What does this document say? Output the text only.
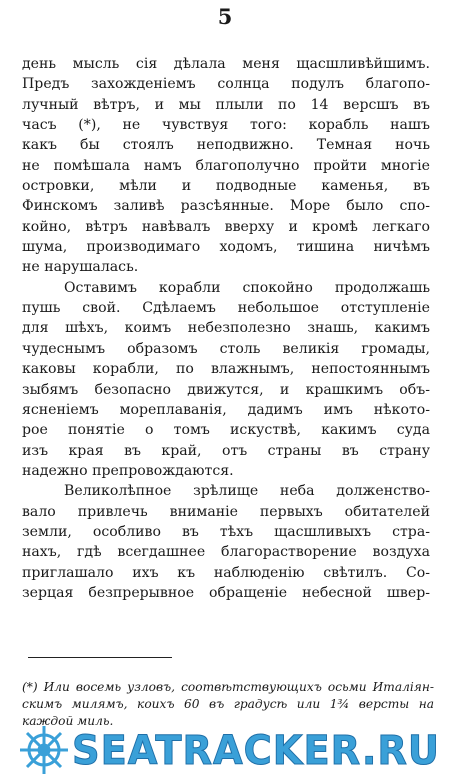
5
день мысль сія дѣлала меня щасшливѣйшимъ.
Предъ захожденіемъ солнца подулъ благопо-
лучный вѣтръ, и мы плыли по 14 версшъ въ
часъ (*), не чувствуя того: корабль нашъ
какъ бы стоялъ неподвижно. Темная ночь
не помѣшала намъ благополучно пройти многіе
островки, мѣли и подводные каменья, въ
Финскомъ заливѣ разсѣянные. Море было спо-
койно, вѣтръ навѣвалъ вверху и кромѣ легкаго
шума, производимаго ходомъ, тишина ничѣмъ
не нарушалась.
Оставимъ корабли спокойно продолжашь
пушь свой. Сдѣлаемъ небольшое отступленіе
для шѣхъ, коимъ небезполезно знашь, какимъ
чудеснымъ образомъ столь великія громады,
каковы корабли, по влажнымъ, непостояннымъ
зыбямъ безопасно движутся, и крашкимъ объ-
ясненіемъ мореплаванія, дадимъ имъ нѣкото-
рое понятіе о томъ искуствѣ, какимъ суда
изъ края въ край, отъ страны въ страну
надежно препровождаются.
Великолѣпное зрѣлище неба долженство-
вало привлечь вниманіе первыхъ обитателей
земли, особливо въ тѣхъ щасшливыхъ стра-
нахъ, гдѣ всегдашнее благорастворение воздуха
приглашало ихъ къ наблюденію свѣтилъ. Со-
зерцая безпрерывное обращеніе небесной швер-
(*) Или восемь узловъ, сооmвѣтствующихъ осьми Италіян-
скимъ милямъ, коихъ 60 въ градусѣ или 1¾ версты на
каждой миль.
SEATRACKER.RU
